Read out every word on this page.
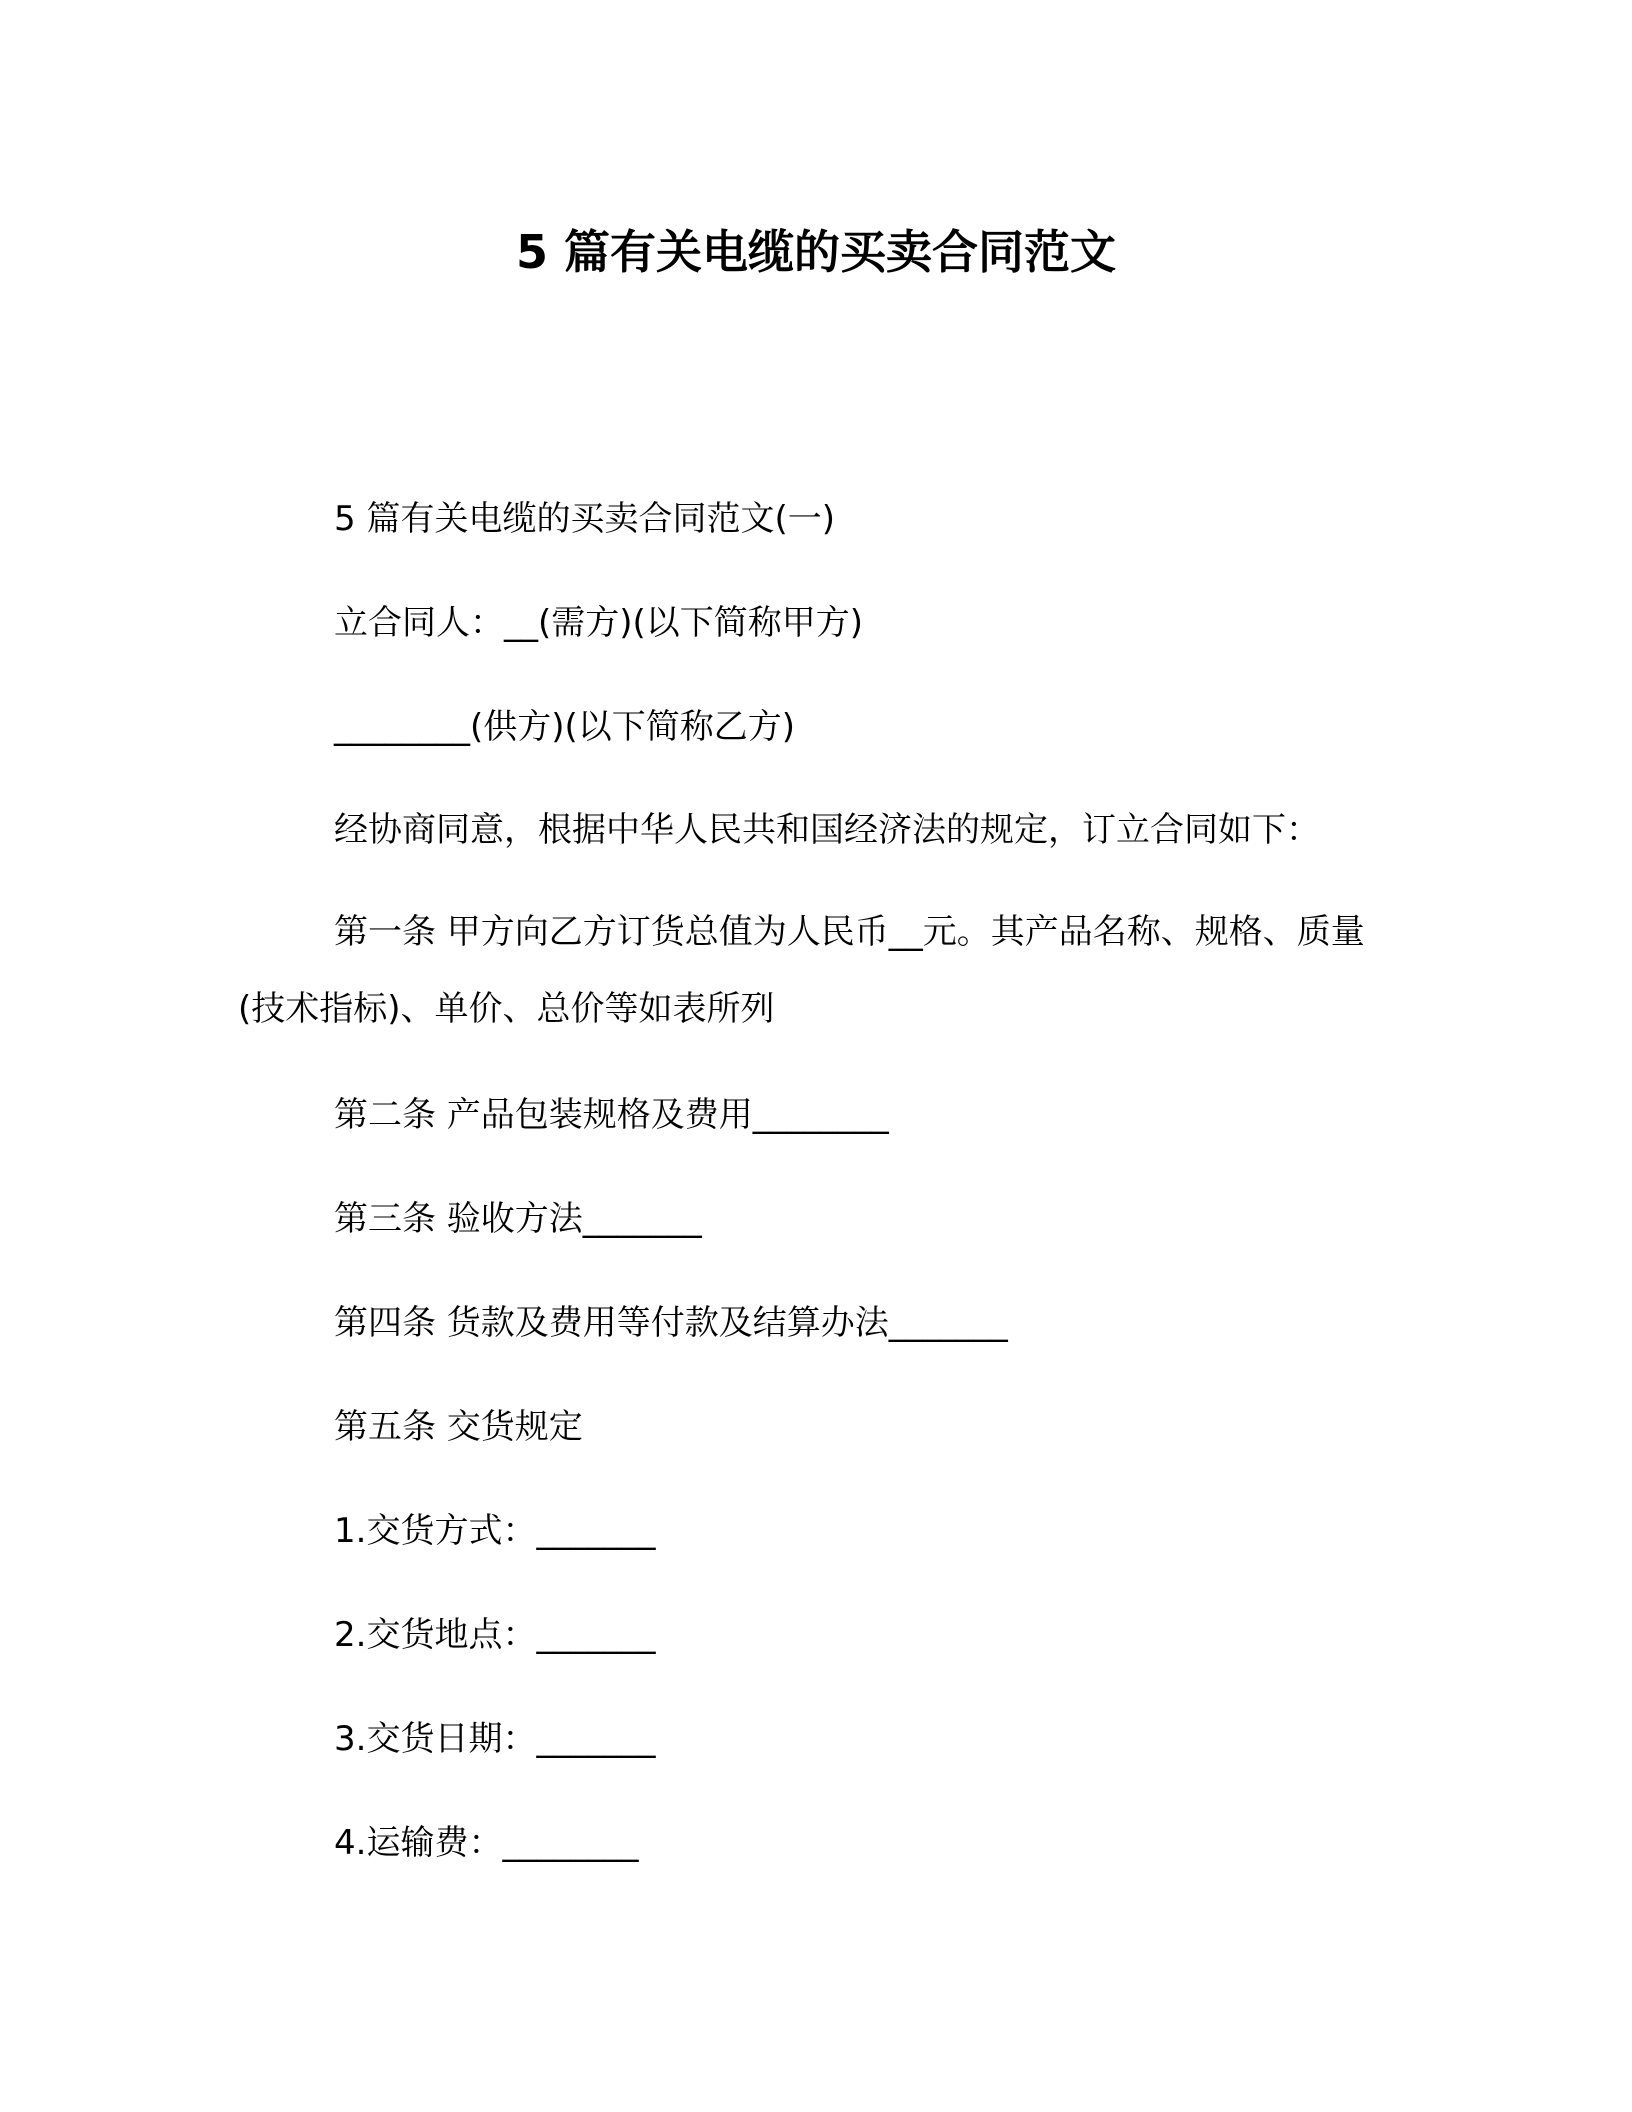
5 篇有关电缆的买卖合同范文
5 篇有关电缆的买卖合同范文(一)
立合同人：__(需方)(以下简称甲方)
________(供方)(以下简称乙方)
经协商同意，根据中华人民共和国经济法的规定，订立合同如下：
第一条 甲方向乙方订货总值为人民币__元。其产品名称、规格、质量(技术指标)、单价、总价等如表所列
第二条 产品包装规格及费用________
第三条 验收方法_______
第四条 货款及费用等付款及结算办法_______
第五条 交货规定
1.交货方式：_______
2.交货地点：_______
3.交货日期：_______
4.运输费：________
